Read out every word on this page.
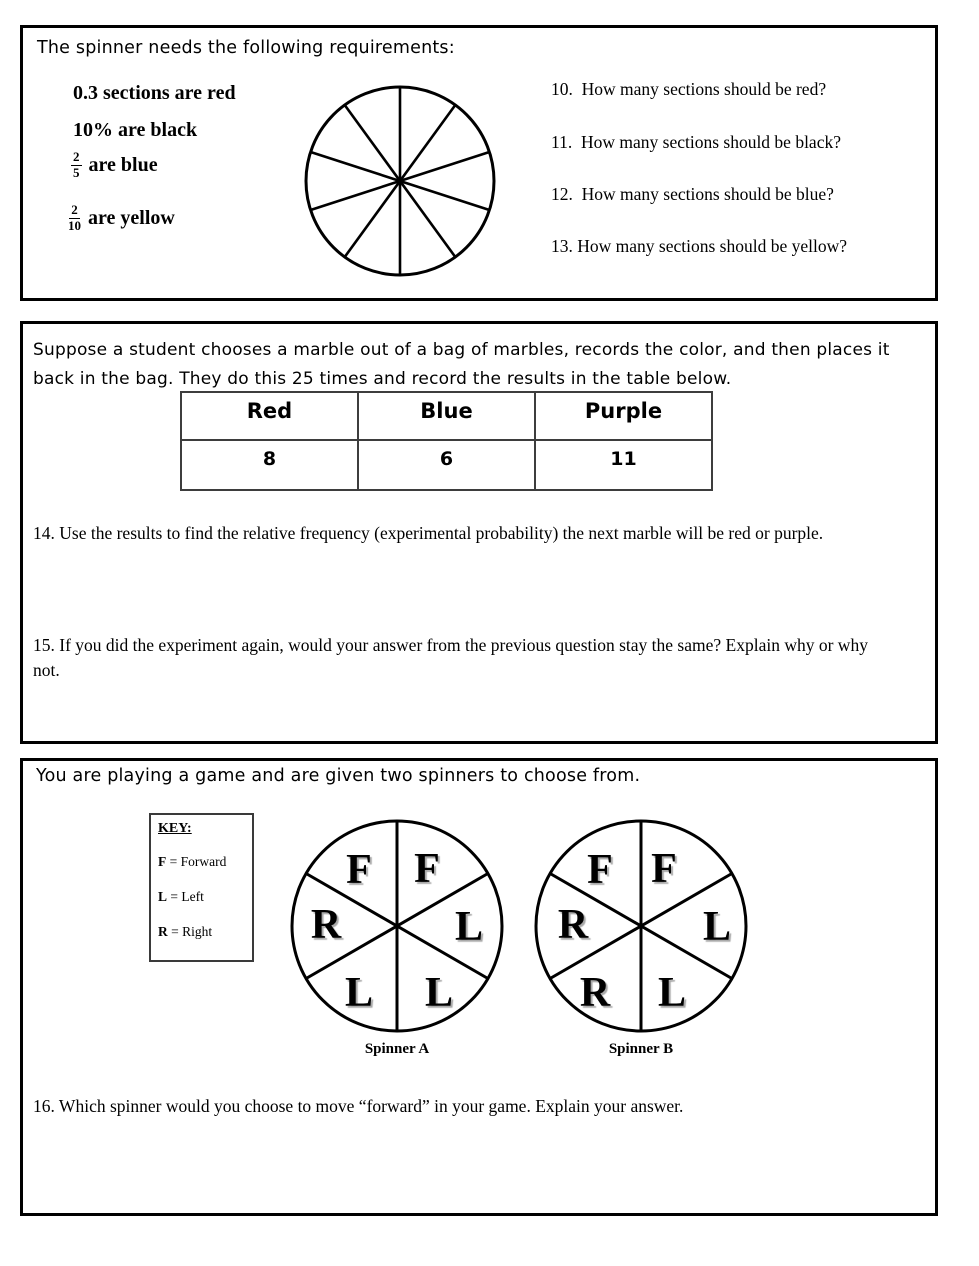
The spinner needs the following requirements:
0.3 sections are red
10% are black
$\frac{2}{5}$ are blue
$\frac{2}{10}$ are yellow
10.  How many sections should be red?
11.  How many sections should be black?
12.  How many sections should be blue?
13. How many sections should be yellow?
Suppose a student chooses a marble out of a bag of marbles, records the color, and then places it back in the bag. They do this 25 times and record the results in the table below.
Red	Blue	Purple
8	6	11
14. Use the results to find the relative frequency (experimental probability) the next marble will be red or purple.
15. If you did the experiment again, would your answer from the previous question stay the same? Explain why or why not.
You are playing a game and are given two spinners to choose from.
KEY:
F = Forward
L = Left
R = Right
F F
R	L
L L
Spinner A
F F
R	L
R L
Spinner B
16. Which spinner would you choose to move “forward” in your game. Explain your answer.
